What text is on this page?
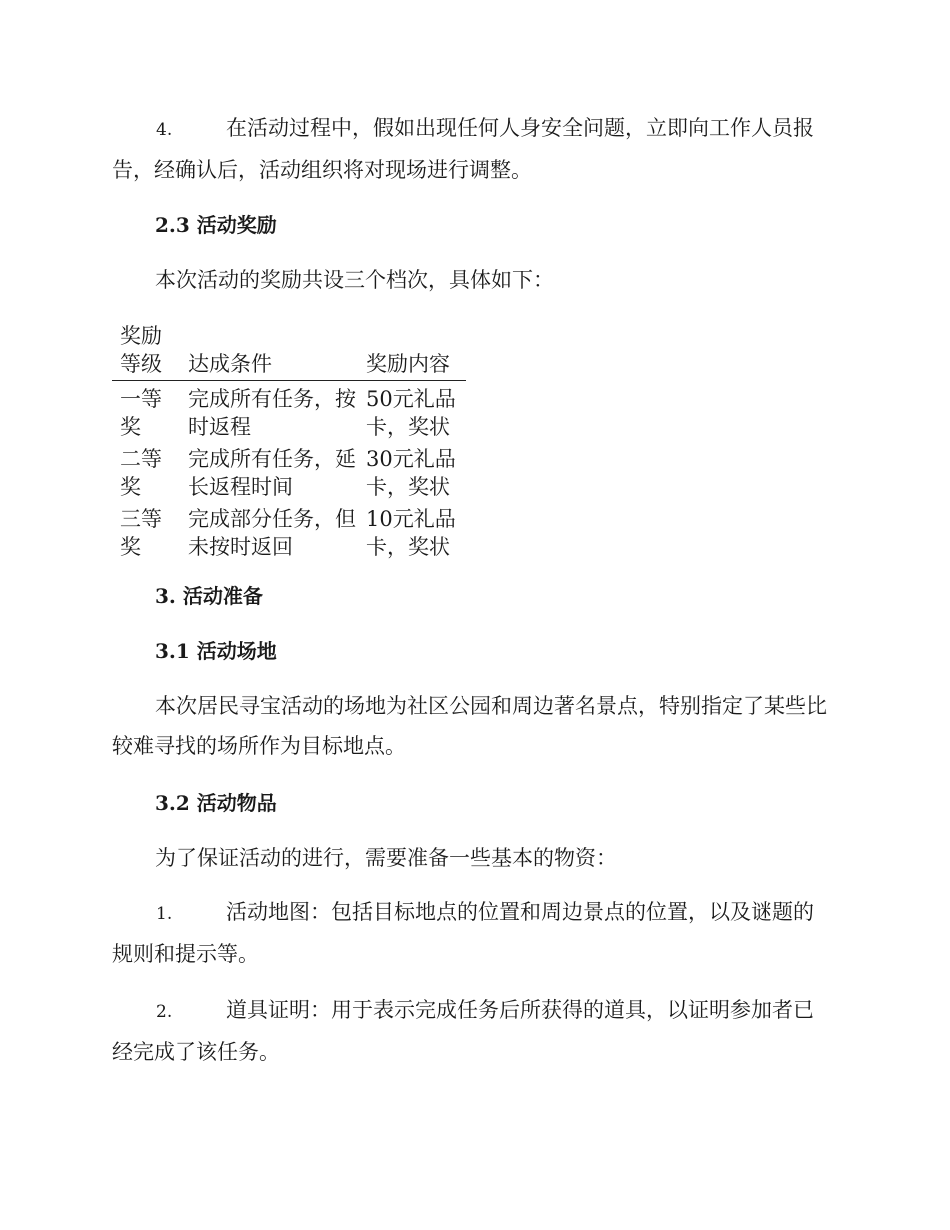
4.	在活动过程中，假如出现任何人身安全问题，立即向工作人员报告，经确认后，活动组织将对现场进行调整。

2.3 活动奖励

本次活动的奖励共设三个档次，具体如下：

奖励等级	达成条件	奖励内容
一等奖	完成所有任务，按时返程	50元礼品卡，奖状
二等奖	完成所有任务，延长返程时间	30元礼品卡，奖状
三等奖	完成部分任务，但未按时返回	10元礼品卡，奖状
3. 活动准备
3.1 活动场地

本次居民寻宝活动的场地为社区公园和周边著名景点，特别指定了某些比较难寻找的场所作为目标地点。

3.2 活动物品

为了保证活动的进行，需要准备一些基本的物资：

1.	活动地图：包括目标地点的位置和周边景点的位置，以及谜题的规则和提示等。

2.	道具证明：用于表示完成任务后所获得的道具，以证明参加者已经完成了该任务。
